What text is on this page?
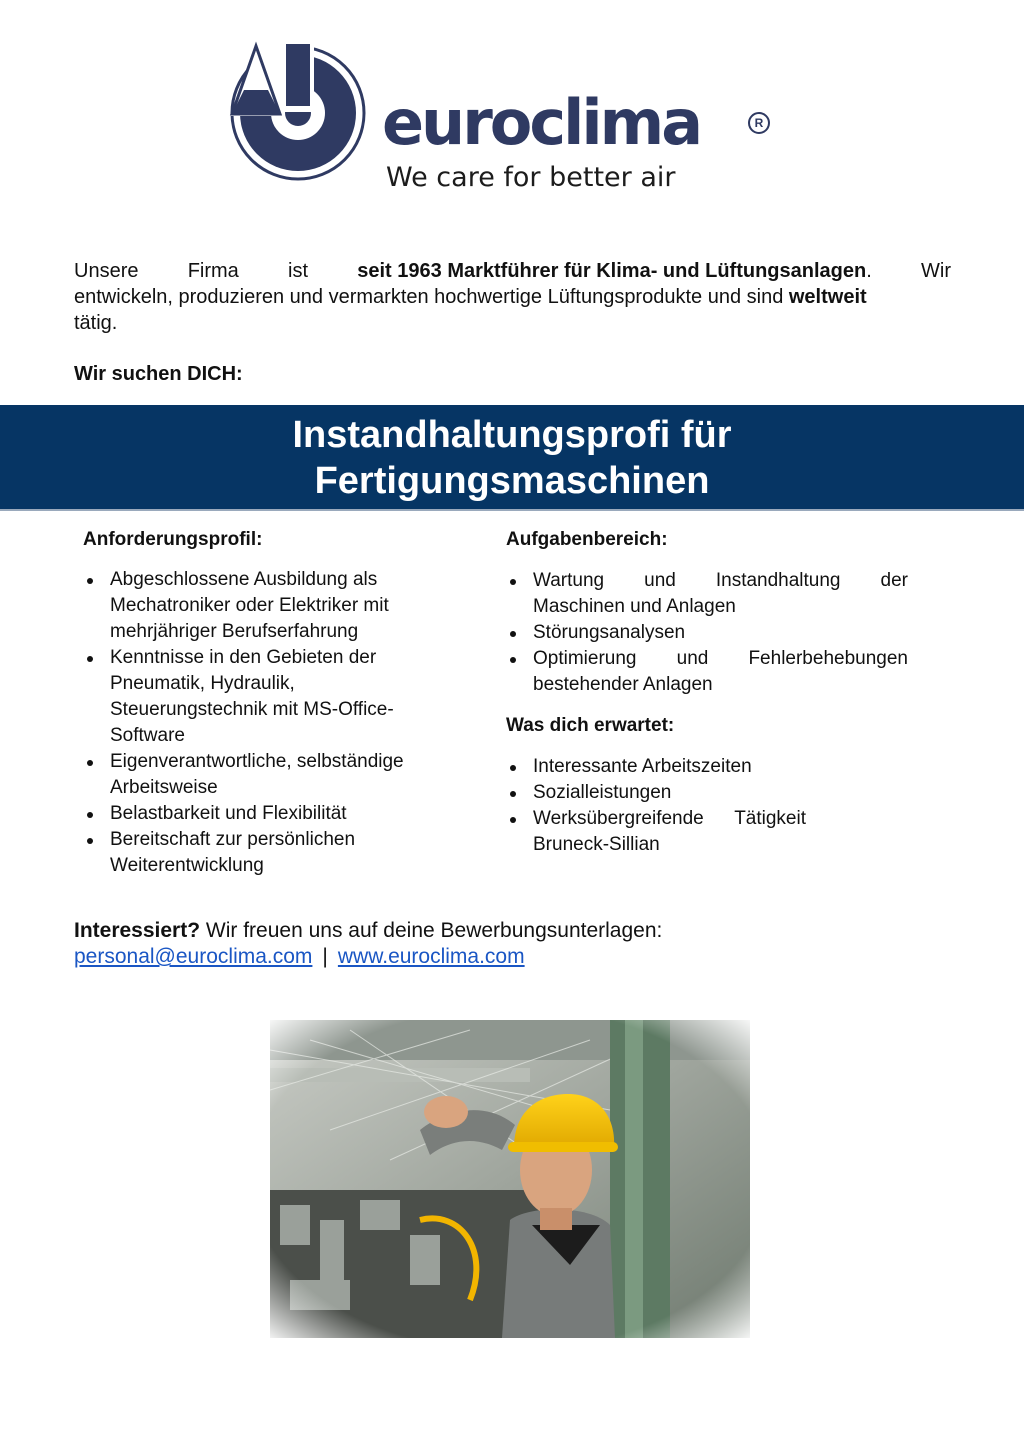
euroclima	R
We care for better air
Unsere Firma ist seit 1963 Marktführer für Klima- und Lüftungsanlagen . Wir
entwickeln, produzieren und vermarkten hochwertige Lüftungsprodukte und sind weltweit

tätig.

Wir suchen DICH:
Instandhaltungsprofi für
Fertigungsmaschinen

Anforderungsprofil:

Abgeschlossene Ausbildung als Mechatroniker oder Elektriker mit mehrjähriger Berufserfahrung
Kenntnisse in den Gebieten der Pneumatik, Hydraulik, Steuerungstechnik mit MS-Office-Software
Eigenverantwortliche, selbständige Arbeitsweise
Belastbarkeit und Flexibilität
Bereitschaft zur persönlichen Weiterentwicklung

Aufgabenbereich:

Wartung und Instandhaltung der
Maschinen und Anlagen
Störungsanalysen
Optimierung und Fehlerbehebungen
bestehender Anlagen

Was dich erwartet:

Interessante Arbeitszeiten
Sozialleistungen
Werksübergreifende Tätigkeit Bruneck-Sillian
Interessiert? Wir freuen uns auf deine Bewerbungsunterlagen:
personal@euroclima.com | www.euroclima.com
